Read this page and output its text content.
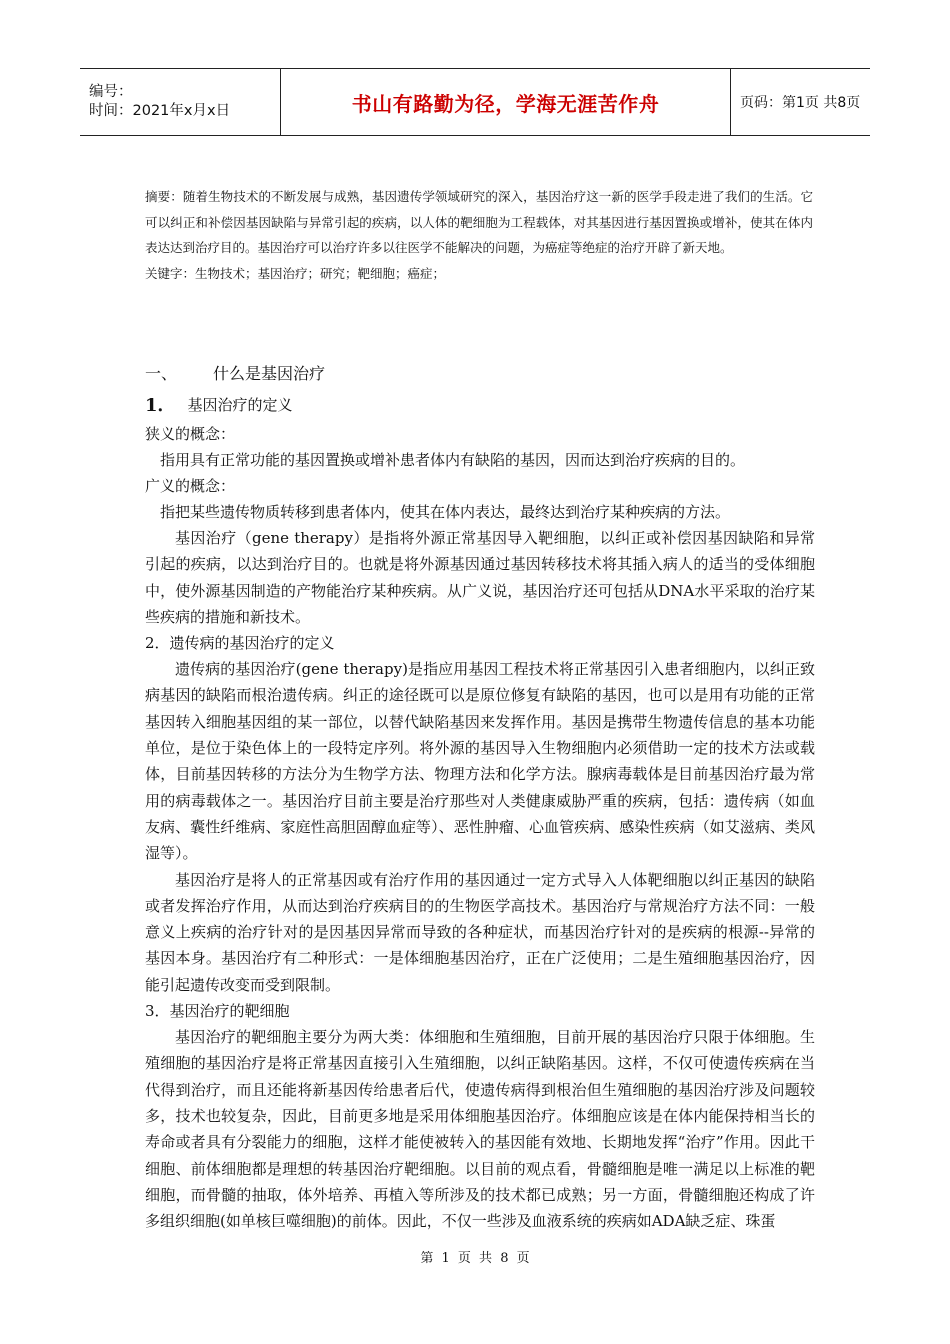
编号：
时间：2021年x月x日	书山有路勤为径，学海无涯苦作舟	页码：第1页 共8页

摘要：随着生物技术的不断发展与成熟，基因遗传学领域研究的深入，基因治疗这一新的医学手段走进了我们的生活。它可以纠正和补偿因基因缺陷与异常引起的疾病，以人体的靶细胞为工程载体，对其基因进行基因置换或增补，使其在体内表达达到治疗目的。基因治疗可以治疗许多以往医学不能解决的问题，为癌症等绝症的治疗开辟了新天地。

关键字：生物技术；基因治疗；研究；靶细胞；癌症；

一、	什么是基因治疗
1． 基因治疗的定义

狭义的概念：

指用具有正常功能的基因置换或增补患者体内有缺陷的基因，因而达到治疗疾病的目的。

广义的概念：

指把某些遗传物质转移到患者体内，使其在体内表达，最终达到治疗某种疾病的方法。

基因治疗（gene therapy）是指将外源正常基因导入靶细胞，以纠正或补偿因基因缺陷和异常引起的疾病，以达到治疗目的。也就是将外源基因通过基因转移技术将其插入病人的适当的受体细胞中，使外源基因制造的产物能治疗某种疾病。从广义说，基因治疗还可包括从DNA水平采取的治疗某些疾病的措施和新技术。

2．遗传病的基因治疗的定义

遗传病的基因治疗(gene therapy)是指应用基因工程技术将正常基因引入患者细胞内，以纠正致病基因的缺陷而根治遗传病。纠正的途径既可以是原位修复有缺陷的基因，也可以是用有功能的正常基因转入细胞基因组的某一部位，以替代缺陷基因来发挥作用。基因是携带生物遗传信息的基本功能单位，是位于染色体上的一段特定序列。将外源的基因导入生物细胞内必须借助一定的技术方法或载体，目前基因转移的方法分为生物学方法、物理方法和化学方法。腺病毒载体是目前基因治疗最为常用的病毒载体之一。基因治疗目前主要是治疗那些对人类健康威胁严重的疾病，包括：遗传病（如血友病、囊性纤维病、家庭性高胆固醇血症等）、恶性肿瘤、心血管疾病、感染性疾病（如艾滋病、类风湿等）。

基因治疗是将人的正常基因或有治疗作用的基因通过一定方式导入人体靶细胞以纠正基因的缺陷或者发挥治疗作用，从而达到治疗疾病目的的生物医学高技术。基因治疗与常规治疗方法不同：一般意义上疾病的治疗针对的是因基因异常而导致的各种症状，而基因治疗针对的是疾病的根源--异常的基因本身。基因治疗有二种形式：一是体细胞基因治疗，正在广泛使用；二是生殖细胞基因治疗，因能引起遗传改变而受到限制。

3．基因治疗的靶细胞

基因治疗的靶细胞主要分为两大类：体细胞和生殖细胞，目前开展的基因治疗只限于体细胞。生殖细胞的基因治疗是将正常基因直接引入生殖细胞，以纠正缺陷基因。这样，不仅可使遗传疾病在当代得到治疗，而且还能将新基因传给患者后代，使遗传病得到根治但生殖细胞的基因治疗涉及问题较多，技术也较复杂，因此，目前更多地是采用体细胞基因治疗。体细胞应该是在体内能保持相当长的寿命或者具有分裂能力的细胞，这样才能使被转入的基因能有效地、长期地发挥“治疗”作用。因此干细胞、前体细胞都是理想的转基因治疗靶细胞。以目前的观点看，骨髓细胞是唯一满足以上标准的靶细胞，而骨髓的抽取，体外培养、再植入等所涉及的技术都已成熟；另一方面，骨髓细胞还构成了许多组织细胞(如单核巨噬细胞)的前体。因此，不仅一些涉及血液系统的疾病如ADA缺乏症、珠蛋

第 1 页 共 8 页
